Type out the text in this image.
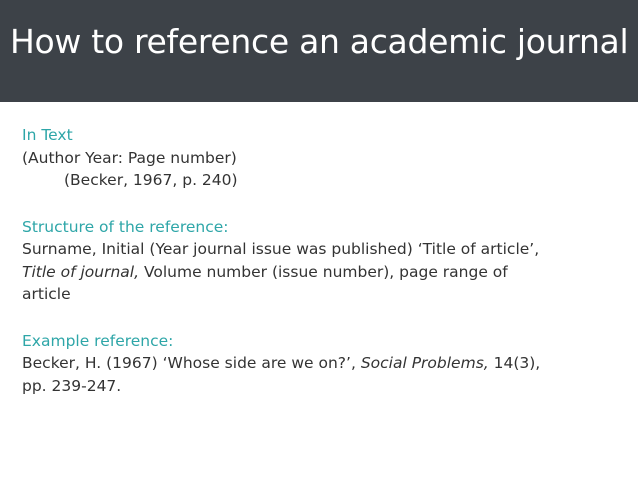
How to reference an academic journal
In Text
(Author Year: Page number)
(Becker, 1967, p. 240)
Structure of the reference:
Surname, Initial (Year journal issue was published) ‘Title of article’,
Title of journal, Volume number (issue number), page range of
article
Example reference:
Becker, H. (1967) ‘Whose side are we on?’, Social Problems, 14(3),
pp. 239-247.
